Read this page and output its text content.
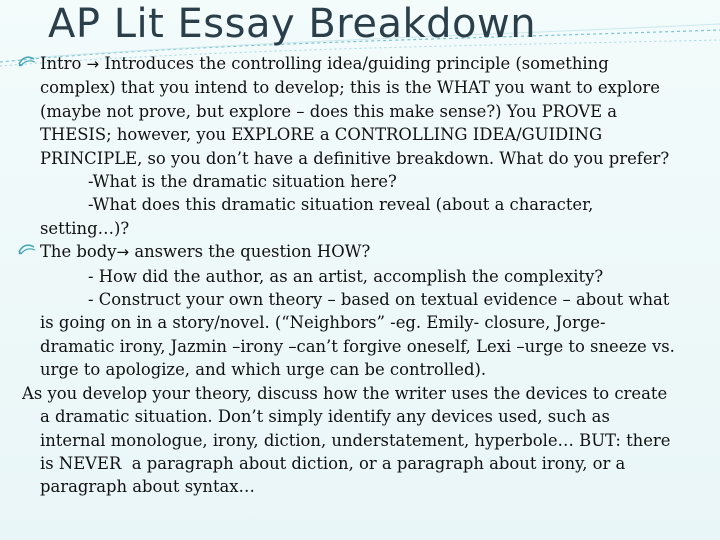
AP Lit Essay Breakdown

Intro → Introduces the controlling idea/guiding principle (something

complex) that you intend to develop; this is the WHAT you want to explore

(maybe not prove, but explore – does this make sense?) You PROVE a

THESIS; however, you EXPLORE a CONTROLLING IDEA/GUIDING

PRINCIPLE, so you don’t have a definitive breakdown. What do you prefer?

-What is the dramatic situation here?

-What does this dramatic situation reveal (about a character,

setting…)?

The body→ answers the question HOW?

- How did the author, as an artist, accomplish the complexity?

- Construct your own theory – based on textual evidence – about what

is going on in a story/novel. (“Neighbors” -eg. Emily- closure, Jorge-

dramatic irony, Jazmin –irony –can’t forgive oneself, Lexi –urge to sneeze vs.

urge to apologize, and which urge can be controlled).

As you develop your theory, discuss how the writer uses the devices to create

a dramatic situation. Don’t simply identify any devices used, such as

internal monologue, irony, diction, understatement, hyperbole… BUT: there

is NEVER  a paragraph about diction, or a paragraph about irony, or a

paragraph about syntax…
